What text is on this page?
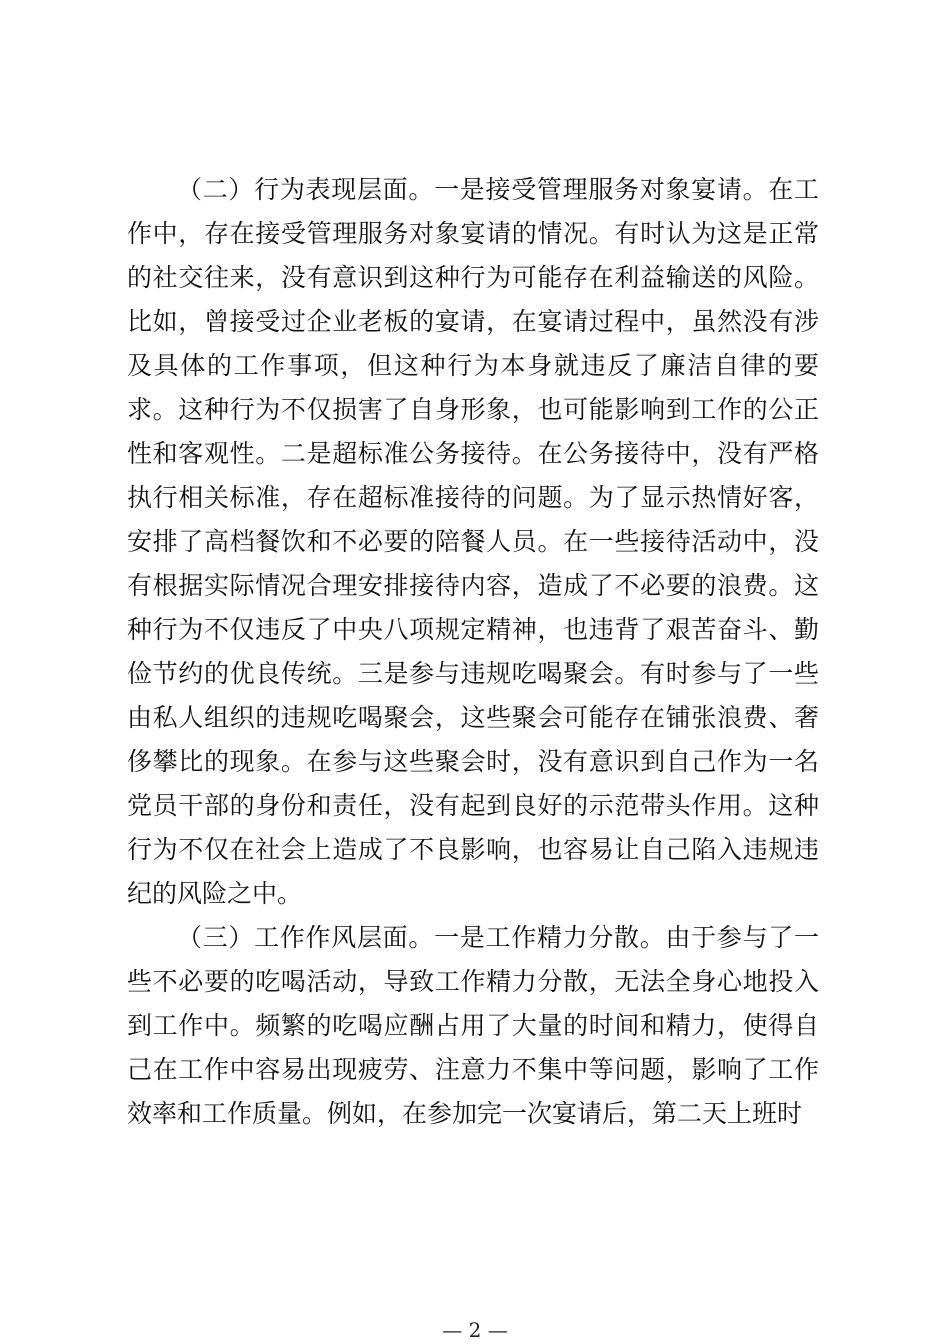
（二）行为表现层面。一是接受管理服务对象宴请。在工作中，存在接受管理服务对象宴请的情况。有时认为这是正常的社交往来，没有意识到这种行为可能存在利益输送的风险。比如，曾接受过企业老板的宴请，在宴请过程中，虽然没有涉及具体的工作事项，但这种行为本身就违反了廉洁自律的要求。这种行为不仅损害了自身形象，也可能影响到工作的公正性和客观性。二是超标准公务接待。在公务接待中，没有严格执行相关标准，存在超标准接待的问题。为了显示热情好客，安排了高档餐饮和不必要的陪餐人员。在一些接待活动中，没有根据实际情况合理安排接待内容，造成了不必要的浪费。这种行为不仅违反了中央八项规定精神，也违背了艰苦奋斗、勤俭节约的优良传统。三是参与违规吃喝聚会。有时参与了一些由私人组织的违规吃喝聚会，这些聚会可能存在铺张浪费、奢侈攀比的现象。在参与这些聚会时，没有意识到自己作为一名党员干部的身份和责任，没有起到良好的示范带头作用。这种行为不仅在社会上造成了不良影响，也容易让自己陷入违规违纪的风险之中。

（三）工作作风层面。一是工作精力分散。由于参与了一些不必要的吃喝活动，导致工作精力分散，无法全身心地投入到工作中。频繁的吃喝应酬占用了大量的时间和精力，使得自己在工作中容易出现疲劳、注意力不集中等问题，影响了工作效率和工作质量。例如，在参加完一次宴请后，第二天上班时

— 2 —
